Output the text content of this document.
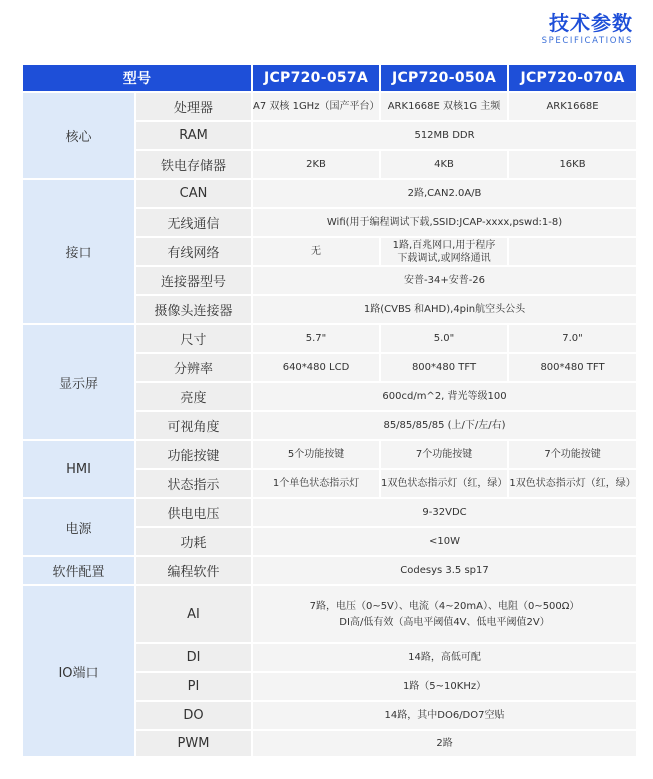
技术参数
SPECIFICATIONS
型号		JCP720-057A	JCP720-050A	JCP720-070A
核心	处理器	A7 双核 1GHz（国产平台）	ARK1668E 双核1G 主频	ARK1668E
	RAM	512MB DDR		
	铁电存储器	2KB	4KB	16KB
接口	CAN	2路,CAN2.0A/B		
	无线通信	Wifi(用于编程调试下载,SSID:JCAP-xxxx,pswd:1-8)		
	有线网络	无	1路,百兆网口,用于程序
下载调试,或网络通讯	

	连接器型号	安普-34+安普-26		
	摄像头连接器	1路(CVBS 和AHD),4pin航空头公头		
显示屏	尺寸	5.7"	5.0"	7.0"
	分辨率	640*480 LCD	800*480 TFT	800*480 TFT
	亮度	600cd/m^2, 背光等级100		
	可视角度	85/85/85/85 (上/下/左/右)		
HMI	功能按键	5个功能按键	7个功能按键	7个功能按键
	状态指示	1个单色状态指示灯	1双色状态指示灯（红，绿）	1双色状态指示灯（红，绿）
电源	供电电压	9-32VDC		
	功耗	<10W		
软件配置	编程软件	Codesys 3.5 sp17		
IO端口	AI	7路，电压（0~5V）、电流（4~20mA）、电阻（0~500Ω）
DI高/低有效（高电平阈值4V、低电平阈值2V）		

	DI	14路，高低可配		
	PI	1路（5~10KHz）		
	DO	14路，其中DO6/DO7空贴		
	PWM	2路		
